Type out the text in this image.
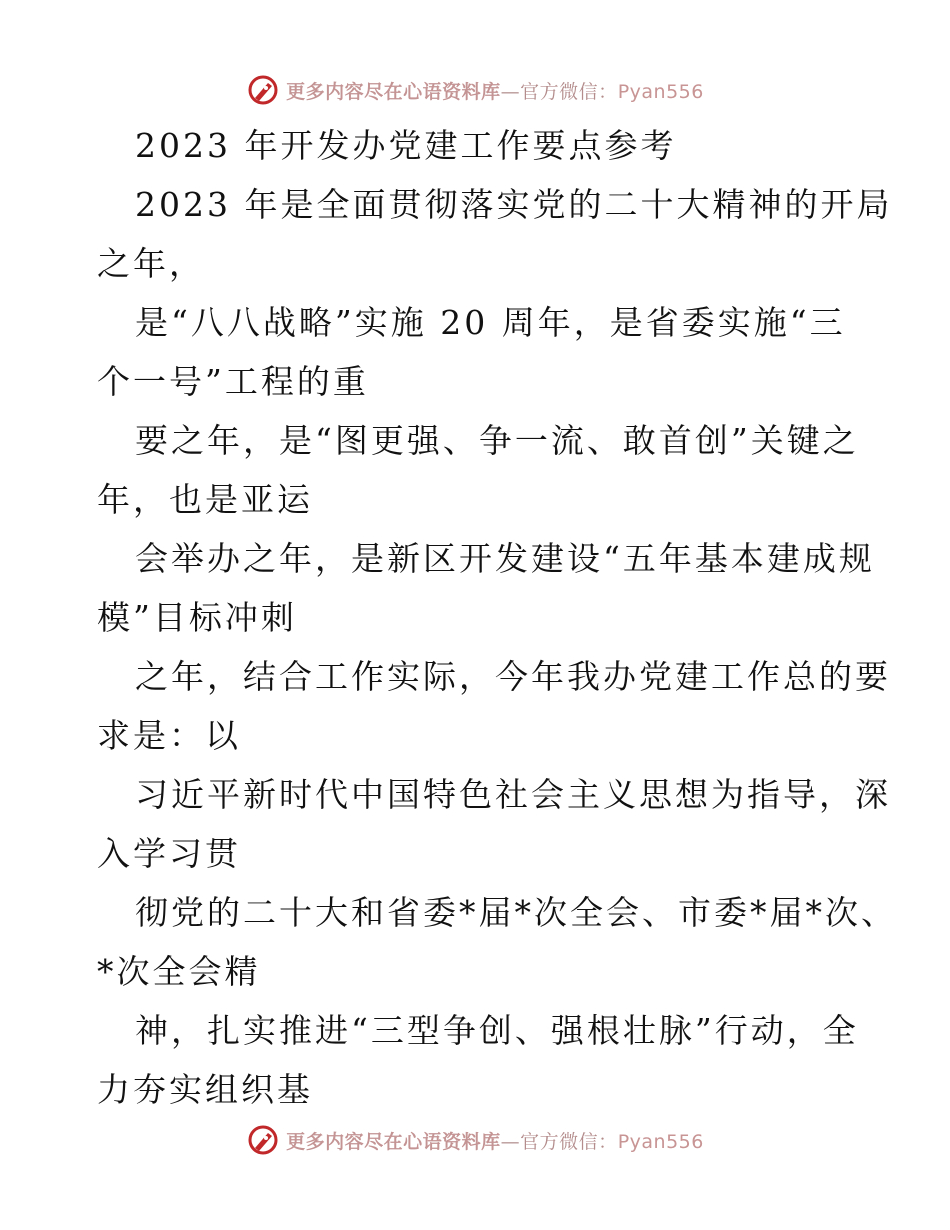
更多内容尽在心语资料库—官方微信：Pyan556
2023 年开发办党建工作要点参考
2023 年是全面贯彻落实党的二十大精神的开局
之年，
是“八八战略”实施 20 周年，是省委实施“三
个一号”工程的重
要之年，是“图更强、争一流、敢首创”关键之
年，也是亚运
会举办之年，是新区开发建设“五年基本建成规
模”目标冲刺
之年，结合工作实际，今年我办党建工作总的要
求是：以
习近平新时代中国特色社会主义思想为指导，深
入学习贯
彻党的二十大和省委*届*次全会、市委*届*次、
*次全会精
神，扎实推进“三型争创、强根壮脉”行动，全
力夯实组织基
更多内容尽在心语资料库—官方微信：Pyan556
